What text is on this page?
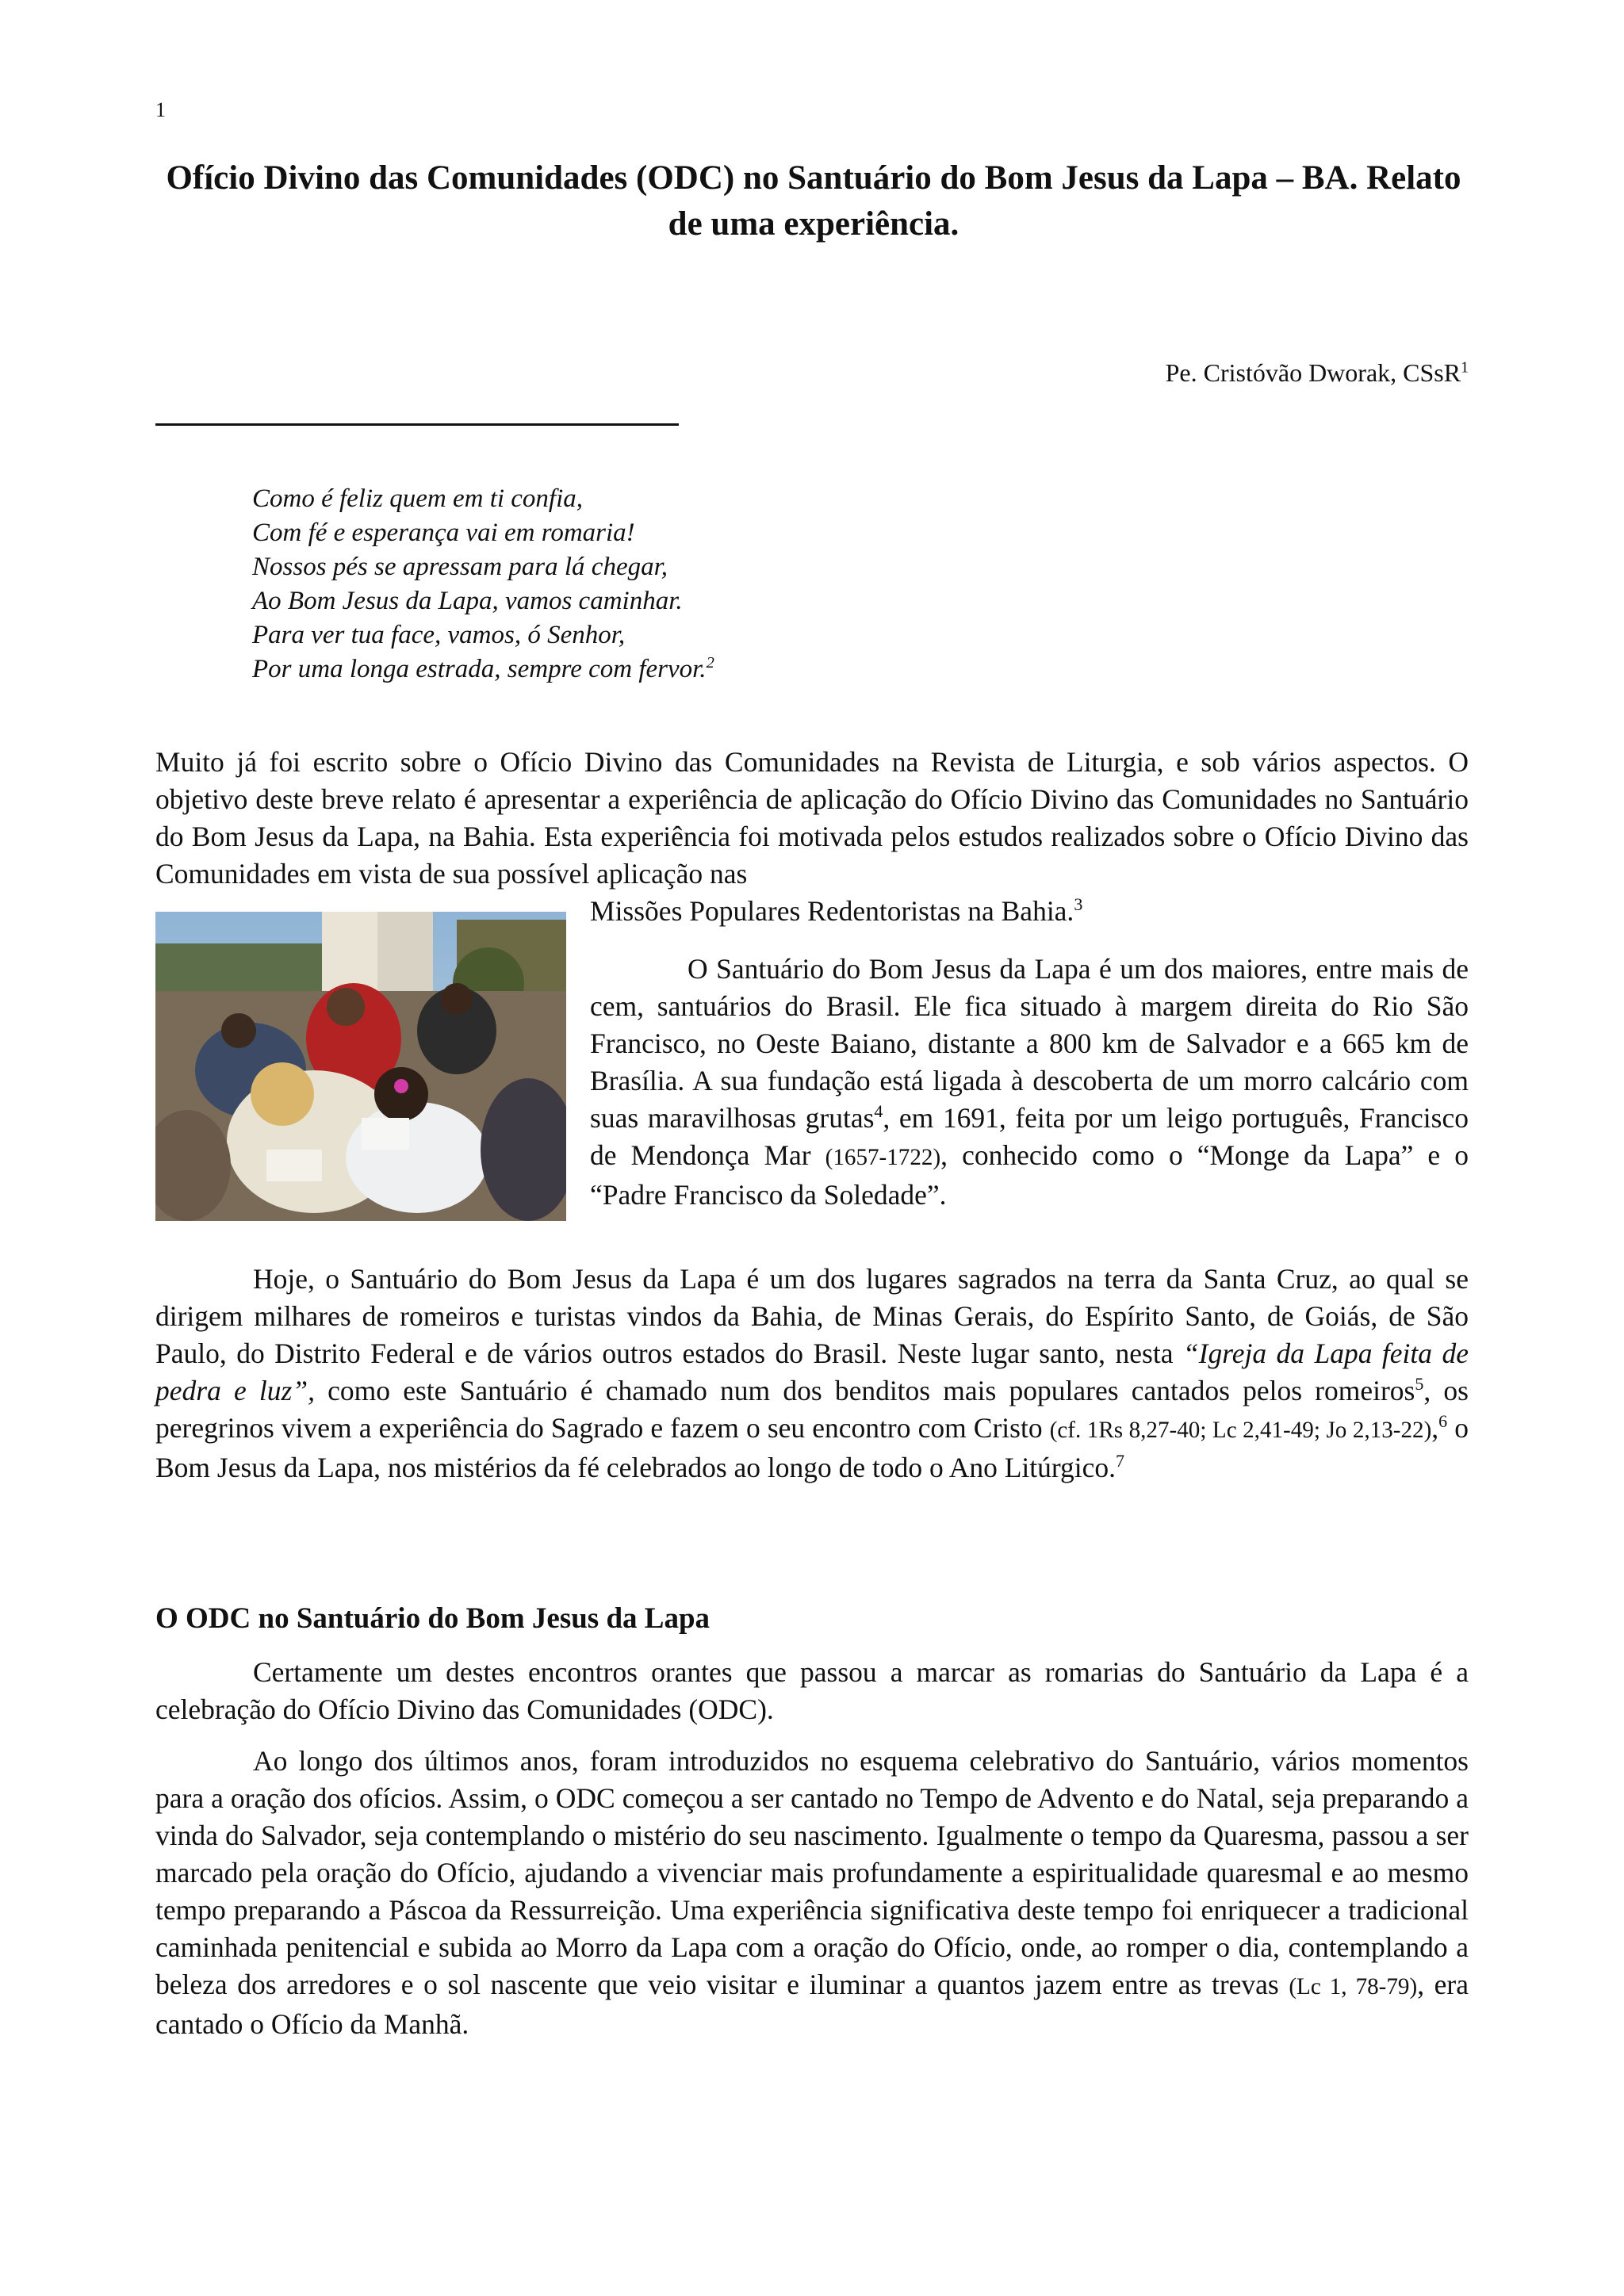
1
Ofício Divino das Comunidades (ODC) no Santuário do Bom Jesus da Lapa – BA. Relato de uma experiência.
Pe. Cristóvão Dworak, CSsR$^1$
Como é feliz quem em ti confia,
Com fé e esperança vai em romaria!
Nossos pés se apressam para lá chegar,
Ao Bom Jesus da Lapa, vamos caminhar.
Para ver tua face, vamos, ó Senhor,
Por uma longa estrada, sempre com fervor.$^2$
Muito já foi escrito sobre o Ofício Divino das Comunidades na Revista de Liturgia, e sob vários aspectos. O objetivo deste breve relato é apresentar a experiência de aplicação do Ofício Divino das Comunidades no Santuário do Bom Jesus da Lapa, na Bahia. Esta experiência foi motivada pelos estudos realizados sobre o Ofício Divino das Comunidades em vista de sua possível aplicação nas
Missões Populares Redentoristas na Bahia.$^3$
O Santuário do Bom Jesus da Lapa é um dos maiores, entre mais de cem, santuários do Brasil. Ele fica situado à margem direita do Rio São Francisco, no Oeste Baiano, distante a 800 km de Salvador e a 665 km de Brasília. A sua fundação está ligada à descoberta de um morro calcário com suas maravilhosas grutas$^4$, em 1691, feita por um leigo português, Francisco de Mendonça Mar (1657-1722), conhecido como o “Monge da Lapa” e o “Padre Francisco da Soledade”.
Hoje, o Santuário do Bom Jesus da Lapa é um dos lugares sagrados na terra da Santa Cruz, ao qual se dirigem milhares de romeiros e turistas vindos da Bahia, de Minas Gerais, do Espírito Santo, de Goiás, de São Paulo, do Distrito Federal e de vários outros estados do Brasil. Neste lugar santo, nesta “Igreja da Lapa feita de pedra e luz”, como este Santuário é chamado num dos benditos mais populares cantados pelos romeiros$^5$, os peregrinos vivem a experiência do Sagrado e fazem o seu encontro com Cristo (cf. 1Rs 8,27-40; Lc 2,41-49; Jo 2,13-22),$^6$ o Bom Jesus da Lapa, nos mistérios da fé celebrados ao longo de todo o Ano Litúrgico.$^7$
O ODC no Santuário do Bom Jesus da Lapa
Certamente um destes encontros orantes que passou a marcar as romarias do Santuário da Lapa é a celebração do Ofício Divino das Comunidades (ODC).
Ao longo dos últimos anos, foram introduzidos no esquema celebrativo do Santuário, vários momentos para a oração dos ofícios. Assim, o ODC começou a ser cantado no Tempo de Advento e do Natal, seja preparando a vinda do Salvador, seja contemplando o mistério do seu nascimento. Igualmente o tempo da Quaresma, passou a ser marcado pela oração do Ofício, ajudando a vivenciar mais profundamente a espiritualidade quaresmal e ao mesmo tempo preparando a Páscoa da Ressurreição. Uma experiência significativa deste tempo foi enriquecer a tradicional caminhada penitencial e subida ao Morro da Lapa com a oração do Ofício, onde, ao romper o dia, contemplando a beleza dos arredores e o sol nascente que veio visitar e iluminar a quantos jazem entre as trevas (Lc 1, 78-79), era cantado o Ofício da Manhã.
